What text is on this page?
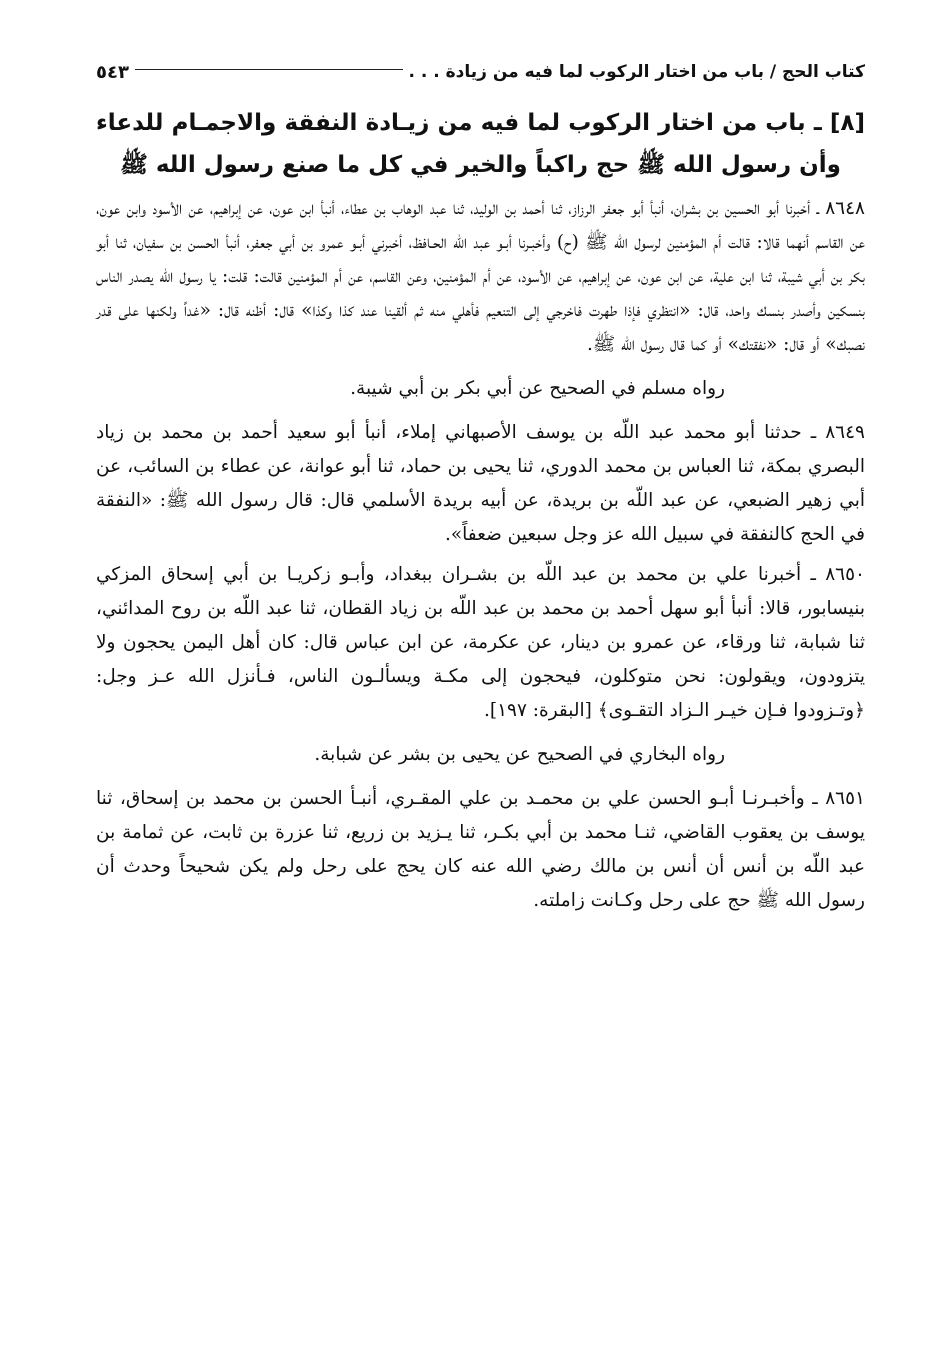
كتاب الحج / باب من اختار الركوب لما فيه من زيادة . . .
٥٤٣
[٨] ـ باب من اختار الركوب لما فيه من زيـادة النفقة والاجمـام للدعاء وأن رسول الله ﷺ حج راكباً والخير في كل ما صنع رسول الله ﷺ

٨٦٤٨ ـ أخبرنا أبو الحسين بن بشران، أنبأ أبو جعفر الرزاز، ثنا أحمد بن الوليد، ثنا عبد الوهاب بن عطاء، أنبأ ابن عون، عن إبراهيم، عن الأسود وابن عون، عن القاسم أنهما قالا: قالت أم المؤمنين لرسول الله ﷺ (ح) وأخبـرنا أبـو عبد اللّه الحـافظ، أخبرني أبـو عمرو بن أبي جعفر، أنبأ الحسن بن سفيان، ثنا أبو بكر بن أبي شيبة، ثنا ابن علية، عن ابن عون، عن إبراهيم، عن الأسود، عن أم المؤمنين، وعن القاسم، عن أم المؤمنين قالت: قلت: يا رسول الله يصدر الناس بنسكين وأصدر بنسك واحد، قال: «انتظري فإذا طهرت فاخرجي إلى التنعيم فأهلي منه ثم ألقينا عند كذا وكذا» قال: أظنه قال: «غداً ولكنها على قدر نصبك» أو قال: «نفقتك» أو كما قال رسول الله ﷺ.

رواه مسلم في الصحيح عن أبي بكر بن أبي شيبة.

٨٦٤٩ ـ حدثنا أبو محمد عبد اللّه بن يوسف الأصبهاني إملاء، أنبأ أبو سعيد أحمد بن محمد بن زياد البصري بمكة، ثنا العباس بن محمد الدوري، ثنا يحيى بن حماد، ثنا أبو عوانة، عن عطاء بن السائب، عن أبي زهير الضبعي، عن عبد اللّه بن بريدة، عن أبيه بريدة الأسلمي قال: قال رسول الله ﷺ: «النفقة في الحج كالنفقة في سبيل الله عز وجل سبعين ضعفاً».

٨٦٥٠ ـ أخبرنا علي بن محمد بن عبد اللّه بن بشـران ببغداد، وأبـو زكريـا بن أبي إسحاق المزكي بنيسابور، قالا: أنبأ أبو سهل أحمد بن محمد بن عبد اللّه بن زياد القطان، ثنا عبد اللّه بن روح المدائني، ثنا شبابة، ثنا ورقاء، عن عمرو بن دينار، عن عكرمة، عن ابن عباس قال: كان أهل اليمن يحجون ولا يتزودون، ويقولون: نحن متوكلون، فيحجون إلى مكـة ويسألـون الناس، فـأنزل الله عـز وجل: ﴿وتـزودوا فـإن خيـر الـزاد التقـوى﴾ [البقرة: ١٩٧].

رواه البخاري في الصحيح عن يحيى بن بشر عن شبابة.

٨٦٥١ ـ وأخبـرنـا أبـو الحسن علي بن محمـد بن علي المقـري، أنبـأ الحسن بن محمد بن إسحاق، ثنا يوسف بن يعقوب القاضي، ثنـا محمد بن أبي بكـر، ثنا يـزيد بن زريع، ثنا عزرة بن ثابت، عن ثمامة بن عبد اللّه بن أنس أن أنس بن مالك رضي الله عنه كان يحج على رحل ولم يكن شحيحاً وحدث أن رسول الله ﷺ حج على رحل وكـانت زاملته.
